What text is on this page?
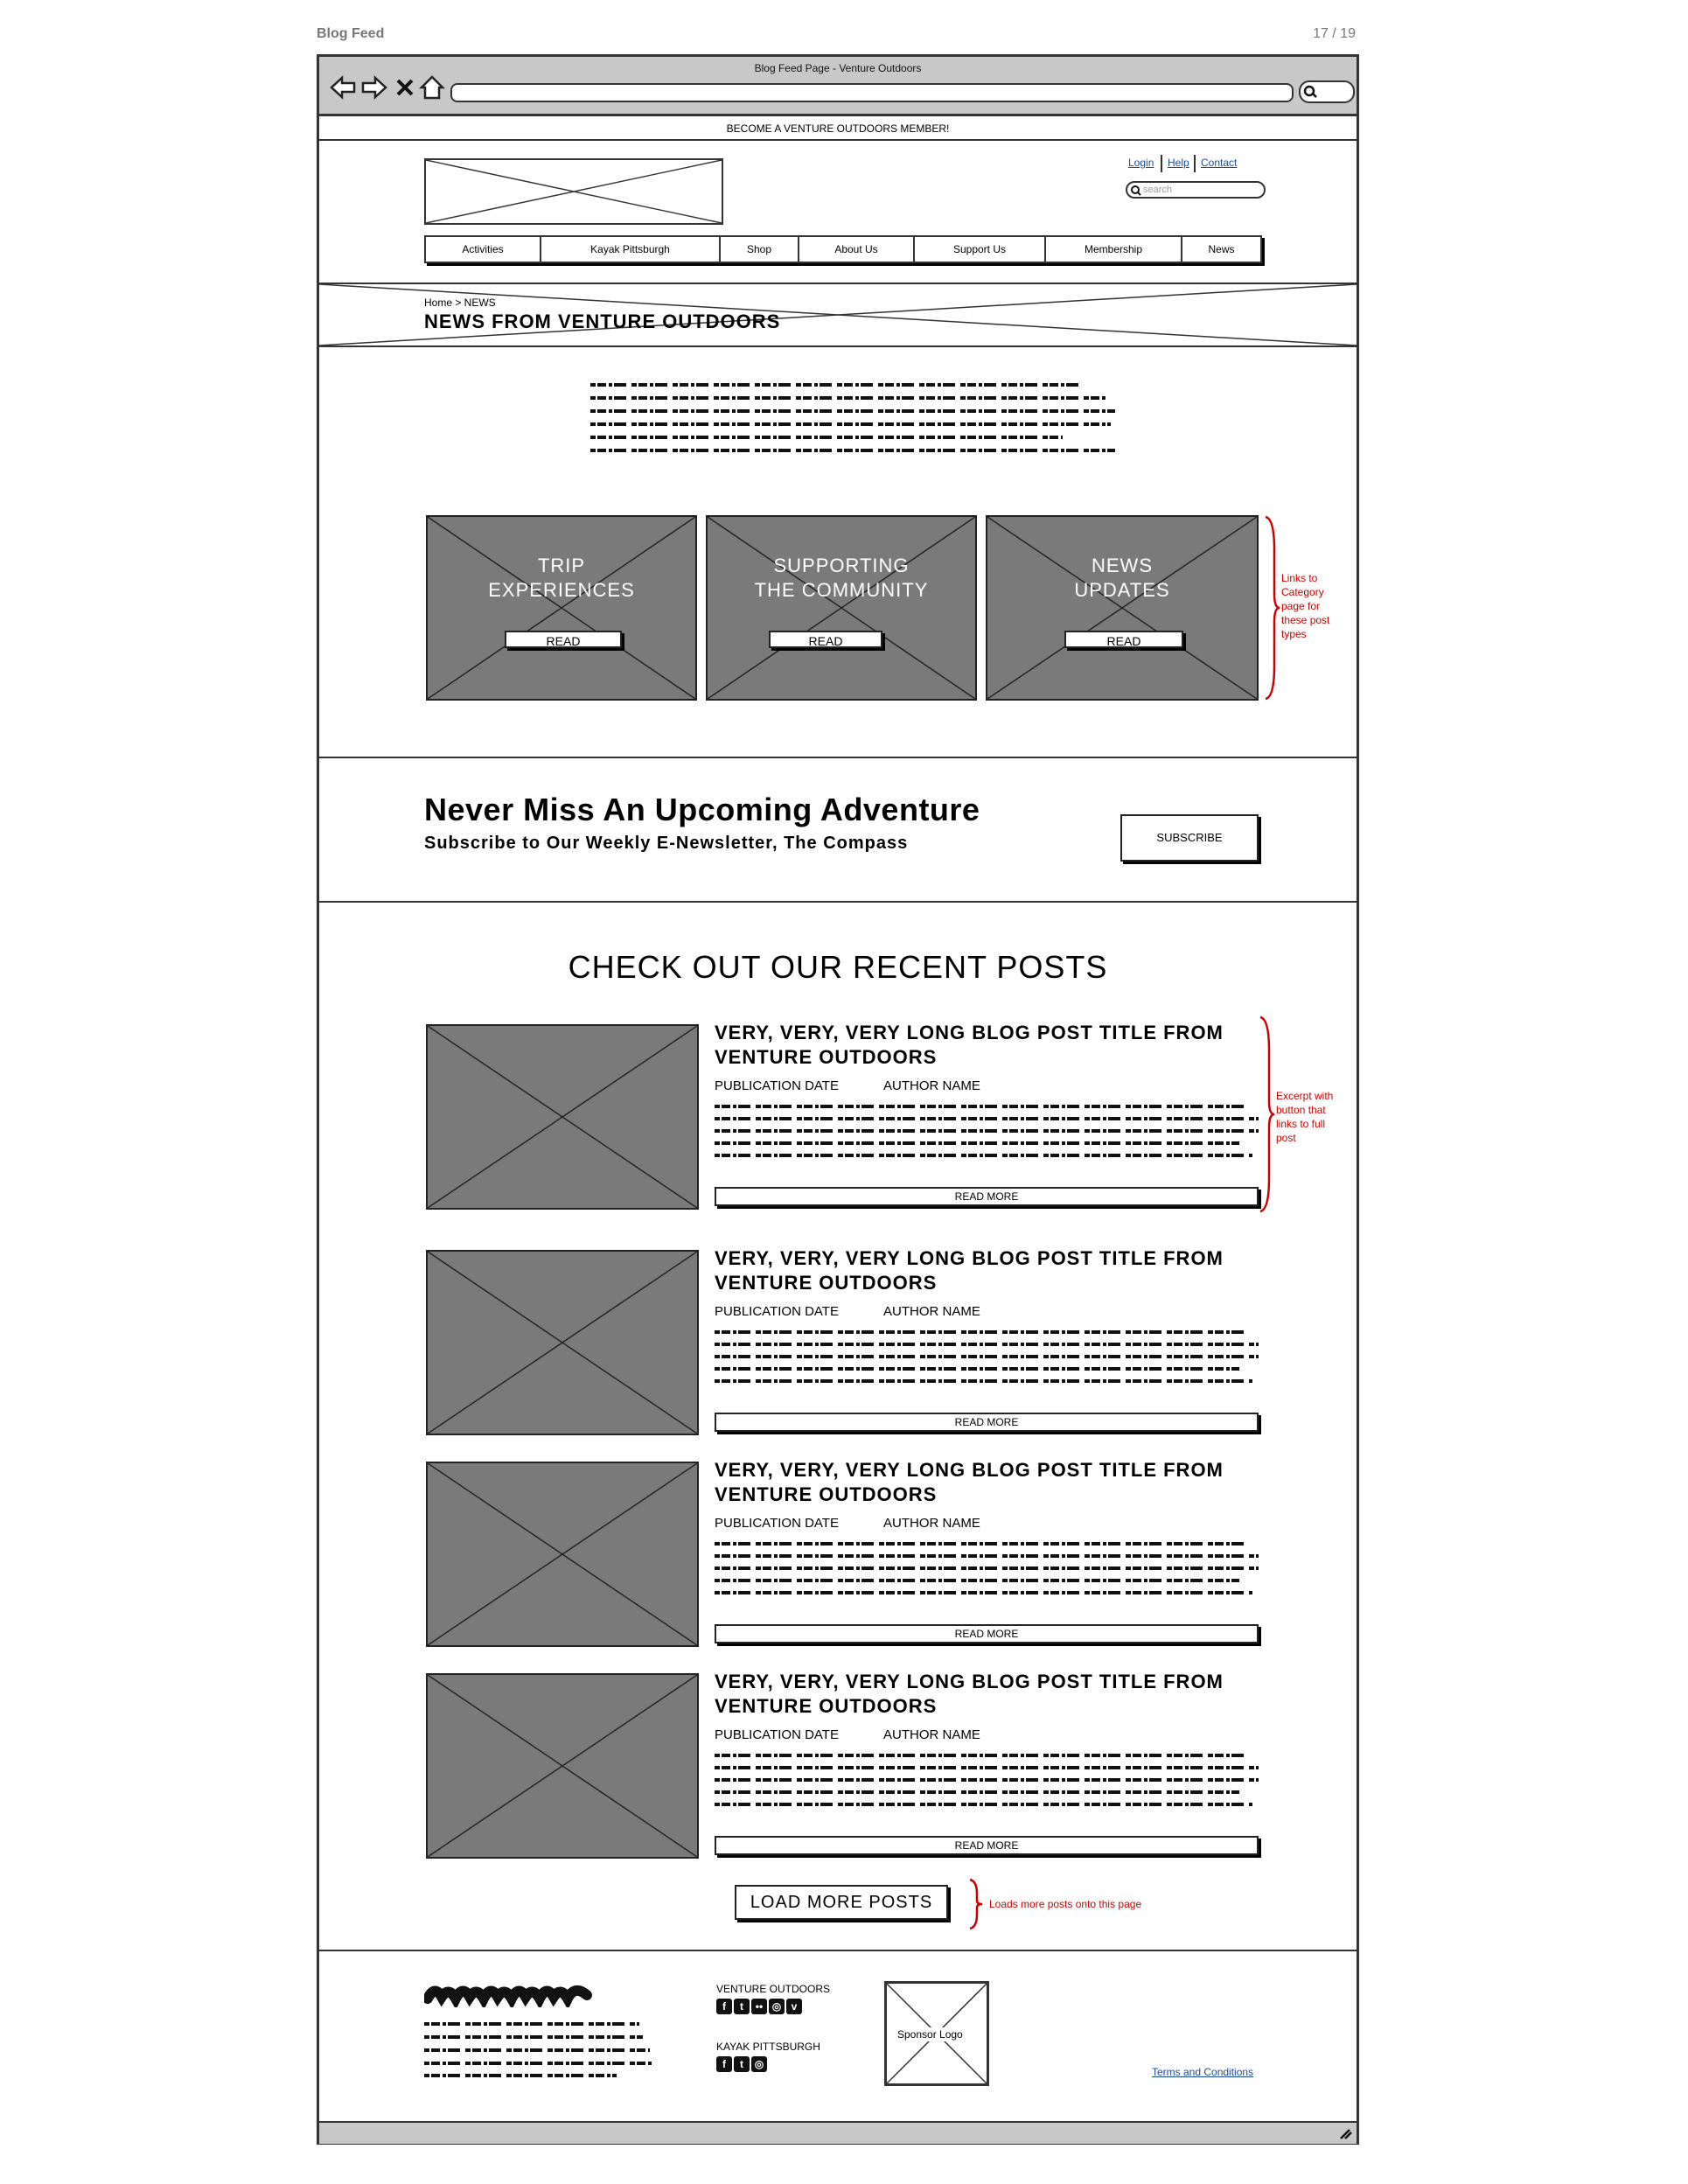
Blog Feed	17 / 19
Blog Feed Page - Venture Outdoors
BECOME A VENTURE OUTDOORS MEMBER!
Login Help Contact
search
Activities	Kayak Pittsburgh	Shop	About Us	Support Us	Membership	News
Home > NEWS
NEWS FROM VENTURE OUTDOORS
TRIP
EXPERIENCES
READ
SUPPORTING
THE COMMUNITY
READ
NEWS
UPDATES
READ
Links to
Category
page for
these post
types
Never Miss An Upcoming Adventure
Subscribe to Our Weekly E-Newsletter, The Compass	SUBSCRIBE
CHECK OUT OUR RECENT POSTS
VERY, VERY, VERY LONG BLOG POST TITLE FROM
VENTURE OUTDOORS
PUBLICATION DATE	AUTHOR NAME
READ MORE
Excerpt with
button that
links to full
post
VERY, VERY, VERY LONG BLOG POST TITLE FROM
VENTURE OUTDOORS
PUBLICATION DATE	AUTHOR NAME
READ MORE
VERY, VERY, VERY LONG BLOG POST TITLE FROM
VENTURE OUTDOORS
PUBLICATION DATE	AUTHOR NAME
READ MORE
VERY, VERY, VERY LONG BLOG POST TITLE FROM
VENTURE OUTDOORS
PUBLICATION DATE	AUTHOR NAME
READ MORE
LOAD MORE POSTS	Loads more posts onto this page
VENTURE OUTDOORS
f t •• ◎ v
KAYAK PITTSBURGH
f t ◎
Sponsor Logo
Terms and Conditions
